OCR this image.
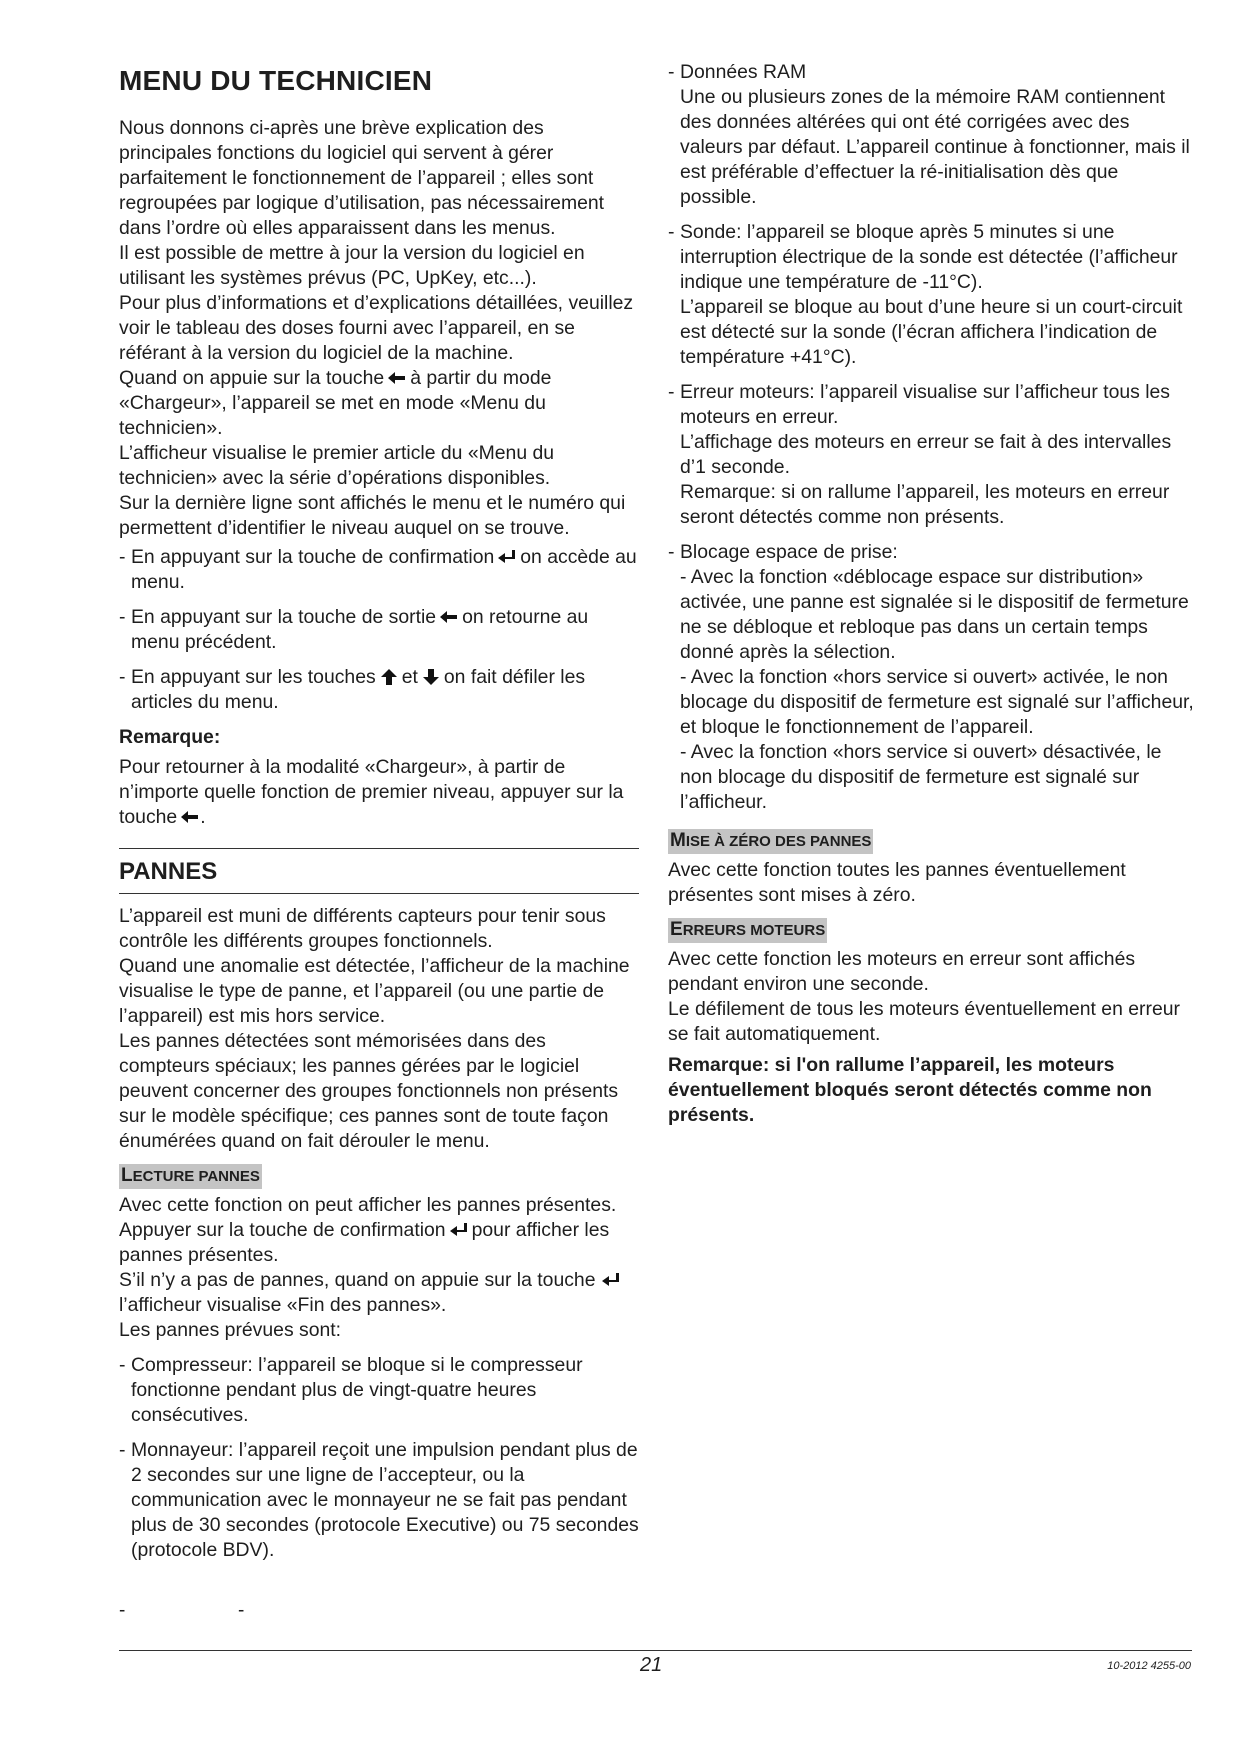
MENU DU TECHNICIEN

Nous donnons ci-après une brève explication des principales fonctions du logiciel qui servent à gérer parfaitement le fonctionnement de l’appareil ; elles sont regroupées par logique d’utilisation, pas nécessairement dans l’ordre où elles apparaissent dans les menus.

Il est possible de mettre à jour la version du logiciel en utilisant les systèmes prévus (PC, UpKey, etc...).

Pour plus d’informations et d’explications détaillées, veuillez voir le tableau des doses fourni avec l’appareil, en se référant à la version du logiciel de la machine.

Quand on appuie sur la touche à partir du mode «Chargeur», l’appareil se met en mode «Menu du technicien».

L’afficheur visualise le premier article du «Menu du technicien» avec la série d’opérations disponibles.

Sur la dernière ligne sont affichés le menu et le numéro qui permettent d’identifier le niveau auquel on se trouve.

- En appuyant sur la touche de confirmation on accède au menu.
- En appuyant sur la touche de sortie on retourne au menu précédent.
- En appuyant sur les touches et on fait défiler les articles du menu.

Remarque:

Pour retourner à la modalité «Chargeur», à partir de n’importe quelle fonction de premier niveau, appuyer sur la touche .

PANNES

L’appareil est muni de différents capteurs pour tenir sous contrôle les différents groupes fonctionnels.

Quand une anomalie est détectée, l’afficheur de la machine visualise le type de panne, et l’appareil (ou une partie de l’appareil) est mis hors service.

Les pannes détectées sont mémorisées dans des compteurs spéciaux; les pannes gérées par le logiciel peuvent concerner des groupes fonctionnels non présents sur le modèle spécifique; ces pannes sont de toute façon énumérées quand on fait dérouler le menu.

LECTURE PANNES

Avec cette fonction on peut afficher les pannes présentes.

Appuyer sur la touche de confirmation pour afficher les pannes présentes.

S’il n’y a pas de pannes, quand on appuie sur la touche l’afficheur visualise «Fin des pannes».

Les pannes prévues sont:

- Compresseur: l’appareil se bloque si le compresseur fonctionne pendant plus de vingt-quatre heures consécutives.
- Monnayeur: l’appareil reçoit une impulsion pendant plus de 2 secondes sur une ligne de l’accepteur, ou la communication avec le monnayeur ne se fait pas pendant plus de 30 secondes (protocole Executive) ou 75 secondes (protocole BDV).
- Données RAM

Une ou plusieurs zones de la mémoire RAM contiennent des données altérées qui ont été corrigées avec des valeurs par défaut. L’appareil continue à fonctionner, mais il est préférable d’effectuer la ré-initialisation dès que possible.

- Sonde: l’appareil se bloque après 5 minutes si une interruption électrique de la sonde est détectée (l’afficheur indique une température de -11°C).

L’appareil se bloque au bout d’une heure si un court-circuit est détecté sur la sonde (l’écran affichera l’indication de température +41°C).

- Erreur moteurs: l’appareil visualise sur l’afficheur tous les moteurs en erreur.

L’affichage des moteurs en erreur se fait à des intervalles d’1 seconde.

Remarque: si on rallume l’appareil, les moteurs en erreur seront détectés comme non présents.

- Blocage espace de prise:

- Avec la fonction «déblocage espace sur distribution» activée, une panne est signalée si le dispositif de fermeture ne se débloque et rebloque pas dans un certain temps donné après la sélection.

- Avec la fonction «hors service si ouvert» activée, le non blocage du dispositif de fermeture est signalé sur l’afficheur, et bloque le fonctionnement de l’appareil.

- Avec la fonction «hors service si ouvert» désactivée, le non blocage du dispositif de fermeture est signalé sur l’afficheur.

MISE À ZÉRO DES PANNES

Avec cette fonction toutes les pannes éventuellement présentes sont mises à zéro.

ERREURS MOTEURS

Avec cette fonction les moteurs en erreur sont affichés pendant environ une seconde.

Le défilement de tous les moteurs éventuellement en erreur se fait automatiquement.

Remarque: si l'on rallume l’appareil, les moteurs éventuellement bloqués seront détectés comme non présents.

-	-
21	10-2012 4255-00
